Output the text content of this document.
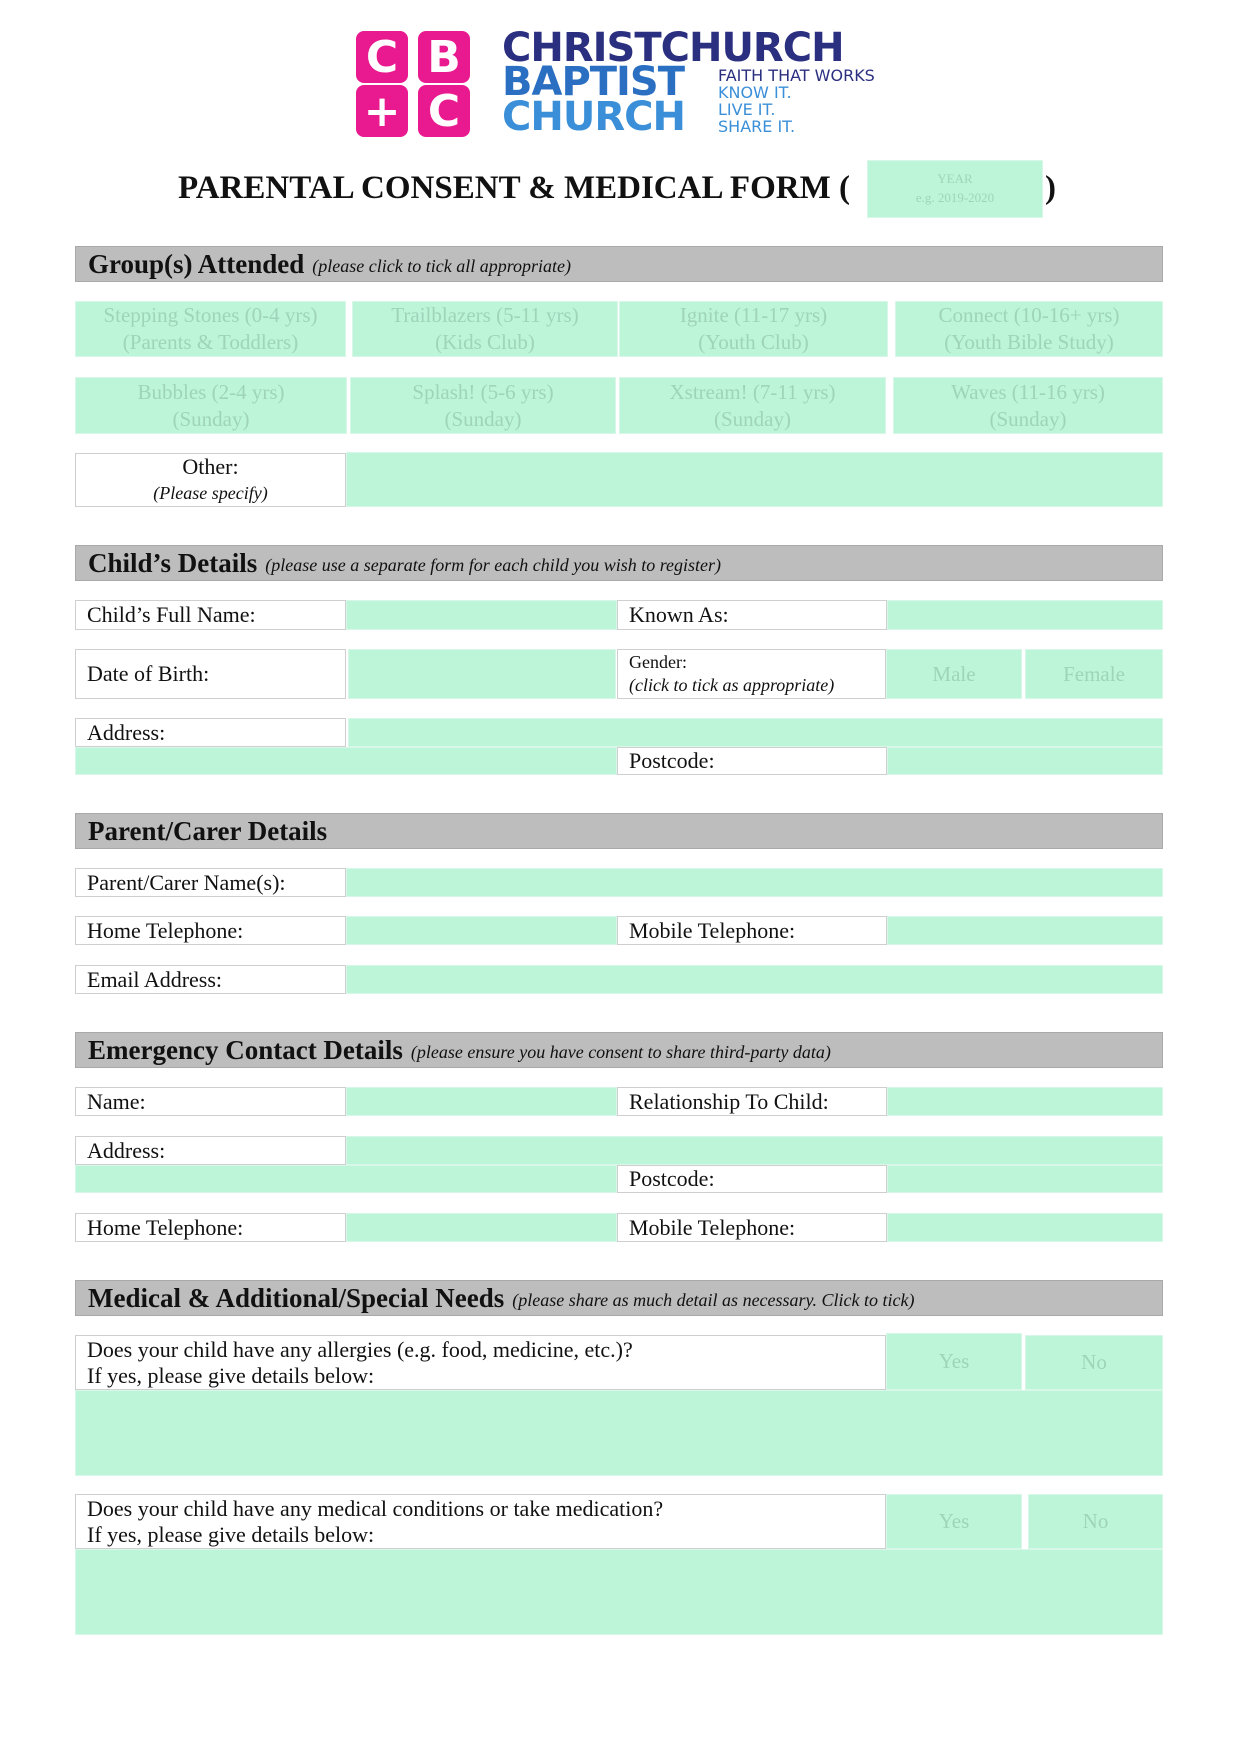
C B
+ C
CHRISTCHURCH
BAPTIST
CHURCH
FAITH THAT WORKS
KNOW IT.
LIVE IT.
SHARE IT.
PARENTAL CONSENT & MEDICAL FORM (	YEAR
e.g. 2019-2020	)
Group(s) Attended (please click to tick all appropriate)
Stepping Stones (0-4 yrs)
(Parents & Toddlers)
Trailblazers (5-11 yrs)
(Kids Club)
Ignite (11-17 yrs)
(Youth Club)
Connect (10-16+ yrs)
(Youth Bible Study)
Bubbles (2-4 yrs)
(Sunday)
Splash! (5-6 yrs)
(Sunday)
Xstream! (7-11 yrs)
(Sunday)
Waves (11-16 yrs)
(Sunday)
Other:
(Please specify)
Child’s Details (please use a separate form for each child you wish to register)
Child’s Full Name:	Known As:
Date of Birth:	Gender:
(click to tick as appropriate)	Male	Female
Address:
Postcode:
Parent/Carer Details
Parent/Carer Name(s):
Home Telephone:	Mobile Telephone:
Email Address:
Emergency Contact Details (please ensure you have consent to share third-party data)
Name:	Relationship To Child:
Address:
Postcode:
Home Telephone:	Mobile Telephone:
Medical & Additional/Special Needs (please share as much detail as necessary. Click to tick)
Does your child have any allergies (e.g. food, medicine, etc.)?
If yes, please give details below:
Yes	No
Does your child have any medical conditions or take medication?
If yes, please give details below:
Yes	No
